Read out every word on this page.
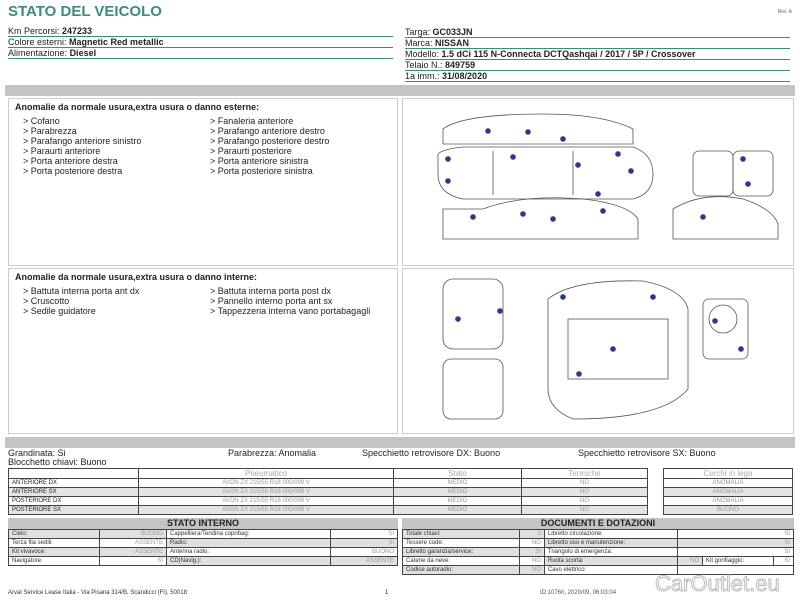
STATO DEL VEICOLO	Rev. A
Km Percorsi: 247233
Colore esterni: Magnetic Red metallic
Alimentazione: Diesel
Targa: GC033JN
Marca: NISSAN
Modello: 1.5 dCi 115 N-Connecta DCTQashqai / 2017 / 5P / Crossover
Telaio N.: 849759
1a imm.: 31/08/2020
Anomalie da normale usura,extra usura o danno esterne:

> Cofano

> Parabrezza

> Parafango anteriore sinistro

> Paraurti anteriore

> Porta anteriore destra

> Porta posteriore destra

> Fanaleria anteriore

> Parafango anteriore destro

> Parafango posteriore destro

> Paraurti posteriore

> Porta anteriore sinistra

> Porta posteriore sinistra

Anomalie da normale usura,extra usura o danno interne:

> Battuta interna porta ant dx

> Cruscotto

> Sedile guidatore

> Battuta interna porta post dx

> Pannello interno porta ant sx

> Tappezzeria interna vano portabagagli

Grandinata: Si	Parabrezza: Anomalia	Specchietto retrovisore DX: Buono	Specchietto retrovisore SX: Buono
Blocchetto chiavi: Buono
	Pneumatico	Stato	Termiche
ANTERIORE DX	AVON ZX 215/55 R18 000/099 V	MEDIO	NO
ANTERIORE SX	AVON ZX 215/55 R18 000/099 V	MEDIO	NO
POSTERIORE DX	AVON ZX 215/55 R18 000/099 V	MEDIO	NO
POSTERIORE SX	AVON ZX 215/55 R18 000/099 V	MEDIO	NO
Cerchi in lega
ANOMALIA
ANOMALIA
ANOMALIA
BUONO
STATO INTERNO
Cielo:	BUONO	Cappelliera/Tendina copribag:	SI
Terza fila sedili:	ASSENTE	Radio:	SI
Kit vivavoce:	ASSENTE	Antenna radio:	BUONO
Navigatore:	SI	CD(Navig.):	ASSENTE
DOCUMENTI E DOTAZIONI
Totale chiavi:	2	Libretto circolazione:	SI		
Tessere code:	NO	Libretto uso e manutenzione:	SI		
Libretto garanzia/service:	SI	Triangolo di emergenza:	SI		
Catene da neve:	NO	Ruota scorta:	NO	Kit gonfiaggio:	SI
Codice autoradio:	NO	Cavo elettrico:			
CarOutlet.eu
Arval Service Lease Italia - Via Pisana 314/B, Scandicci (FI), 50018	1	ID:10760, 2020/09, 06:03:04
